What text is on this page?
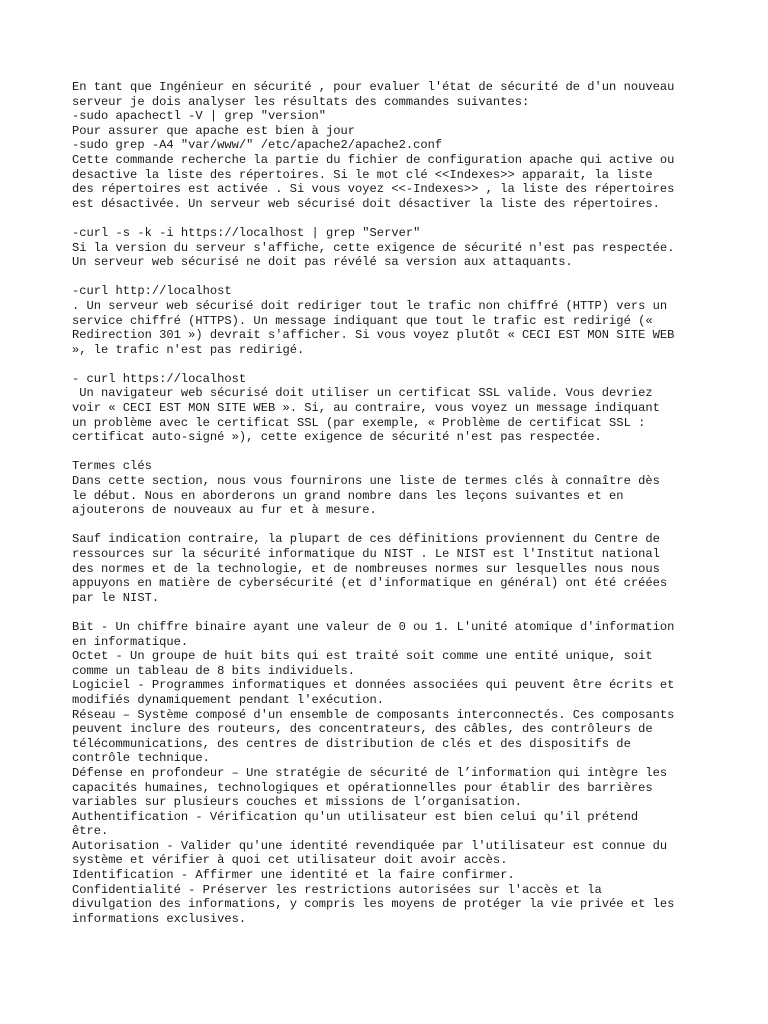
En tant que Ingénieur en sécurité , pour evaluer l'état de sécurité de d'un nouveau
serveur je dois analyser les résultats des commandes suivantes:
-sudo apachectl -V | grep "version"
Pour assurer que apache est bien à jour
-sudo grep -A4 "var/www/" /etc/apache2/apache2.conf
Cette commande recherche la partie du fichier de configuration apache qui active ou
desactive la liste des répertoires. Si le mot clé <<Indexes>> apparait, la liste
des répertoires est activée . Si vous voyez <<-Indexes>> , la liste des répertoires
est désactivée. Un serveur web sécurisé doit désactiver la liste des répertoires.
-curl -s -k -i https://localhost | grep "Server"
Si la version du serveur s'affiche, cette exigence de sécurité n'est pas respectée.
Un serveur web sécurisé ne doit pas révélé sa version aux attaquants.
-curl http://localhost
. Un serveur web sécurisé doit rediriger tout le trafic non chiffré (HTTP) vers un
service chiffré (HTTPS). Un message indiquant que tout le trafic est redirigé («
Redirection 301 ») devrait s'afficher. Si vous voyez plutôt « CECI EST MON SITE WEB
», le trafic n'est pas redirigé.
- curl https://localhost
Un navigateur web sécurisé doit utiliser un certificat SSL valide. Vous devriez
voir « CECI EST MON SITE WEB ». Si, au contraire, vous voyez un message indiquant
un problème avec le certificat SSL (par exemple, « Problème de certificat SSL :
certificat auto-signé »), cette exigence de sécurité n'est pas respectée.
Termes clés
Dans cette section, nous vous fournirons une liste de termes clés à connaître dès
le début. Nous en aborderons un grand nombre dans les leçons suivantes et en
ajouterons de nouveaux au fur et à mesure.
Sauf indication contraire, la plupart de ces définitions proviennent du Centre de
ressources sur la sécurité informatique du NIST . Le NIST est l'Institut national
des normes et de la technologie, et de nombreuses normes sur lesquelles nous nous
appuyons en matière de cybersécurité (et d'informatique en général) ont été créées
par le NIST.
Bit - Un chiffre binaire ayant une valeur de 0 ou 1. L'unité atomique d'information
en informatique.
Octet - Un groupe de huit bits qui est traité soit comme une entité unique, soit
comme un tableau de 8 bits individuels.
Logiciel - Programmes informatiques et données associées qui peuvent être écrits et
modifiés dynamiquement pendant l'exécution.
Réseau – Système composé d'un ensemble de composants interconnectés. Ces composants
peuvent inclure des routeurs, des concentrateurs, des câbles, des contrôleurs de
télécommunications, des centres de distribution de clés et des dispositifs de
contrôle technique.
Défense en profondeur – Une stratégie de sécurité de l’information qui intègre les
capacités humaines, technologiques et opérationnelles pour établir des barrières
variables sur plusieurs couches et missions de l’organisation.
Authentification - Vérification qu'un utilisateur est bien celui qu'il prétend
être.
Autorisation - Valider qu'une identité revendiquée par l'utilisateur est connue du
système et vérifier à quoi cet utilisateur doit avoir accès.
Identification - Affirmer une identité et la faire confirmer.
Confidentialité - Préserver les restrictions autorisées sur l'accès et la
divulgation des informations, y compris les moyens de protéger la vie privée et les
informations exclusives.
